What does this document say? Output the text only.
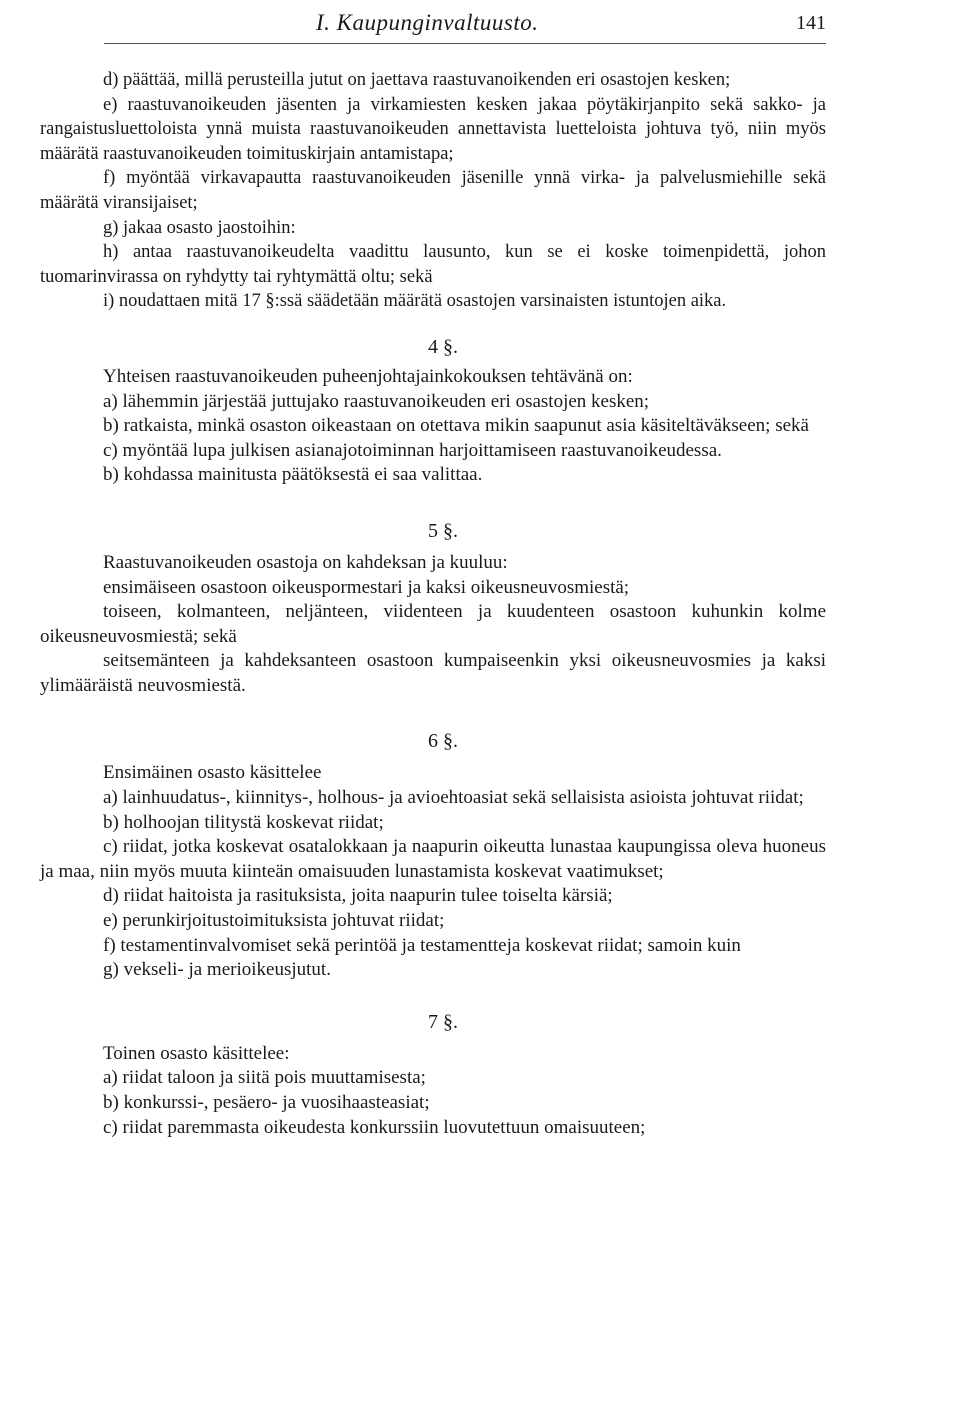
I. Kaupunginvaltuusto.	141

d) päättää, millä perusteilla jutut on jaettava raastuvanoikenden eri osastojen kesken;

e) raastuvanoikeuden jäsenten ja virkamiesten kesken jakaa pöytäkirjanpito sekä sakko- ja rangaistusluettoloista ynnä muista raastuvanoikeuden annettavista luetteloista johtuva työ, niin myös määrätä raastuvanoikeuden toimituskirjain antamistapa;

f) myöntää virkavapautta raastuvanoikeuden jäsenille ynnä virka- ja palvelusmiehille sekä määrätä viransijaiset;

g) jakaa osasto jaostoihin:

h) antaa raastuvanoikeudelta vaadittu lausunto, kun se ei koske toimenpidettä, johon tuomarinvirassa on ryhdytty tai ryhtymättä oltu; sekä

i) noudattaen mitä 17 §:ssä säädetään määrätä osastojen varsinaisten istuntojen aika.

4 §.

Yhteisen raastuvanoikeuden puheenjohtajainkokouksen tehtävänä on:

a) lähemmin järjestää juttujako raastuvanoikeuden eri osastojen kesken;

b) ratkaista, minkä osaston oikeastaan on otettava mikin saapunut asia käsiteltäväkseen; sekä

c) myöntää lupa julkisen asianajotoiminnan harjoittamiseen raastuvanoikeudessa.

b) kohdassa mainitusta päätöksestä ei saa valittaa.

5 §.

Raastuvanoikeuden osastoja on kahdeksan ja kuuluu:

ensimäiseen osastoon oikeuspormestari ja kaksi oikeusneuvosmiestä;

toiseen, kolmanteen, neljänteen, viidenteen ja kuudenteen osastoon kuhunkin kolme oikeusneuvosmiestä; sekä

seitsemänteen ja kahdeksanteen osastoon kumpaiseenkin yksi oikeusneuvosmies ja kaksi ylimääräistä neuvosmiestä.

6 §.

Ensimäinen osasto käsittelee

a) lainhuudatus-, kiinnitys-, holhous- ja avioehtoasiat sekä sellaisista asioista johtuvat riidat;

b) holhoojan tilitystä koskevat riidat;

c) riidat, jotka koskevat osatalokkaan ja naapurin oikeutta lunastaa kaupungissa oleva huoneus ja maa, niin myös muuta kiinteän omaisuuden lunastamista koskevat vaatimukset;

d) riidat haitoista ja rasituksista, joita naapurin tulee toiselta kärsiä;

e) perunkirjoitustoimituksista johtuvat riidat;

f) testamentinvalvomiset sekä perintöä ja testamentteja koskevat riidat; samoin kuin

g) vekseli- ja merioikeusjutut.

7 §.

Toinen osasto käsittelee:

a) riidat taloon ja siitä pois muuttamisesta;

b) konkurssi-, pesäero- ja vuosihaasteasiat;

c) riidat paremmasta oikeudesta konkurssiin luovutettuun omaisuuteen;
